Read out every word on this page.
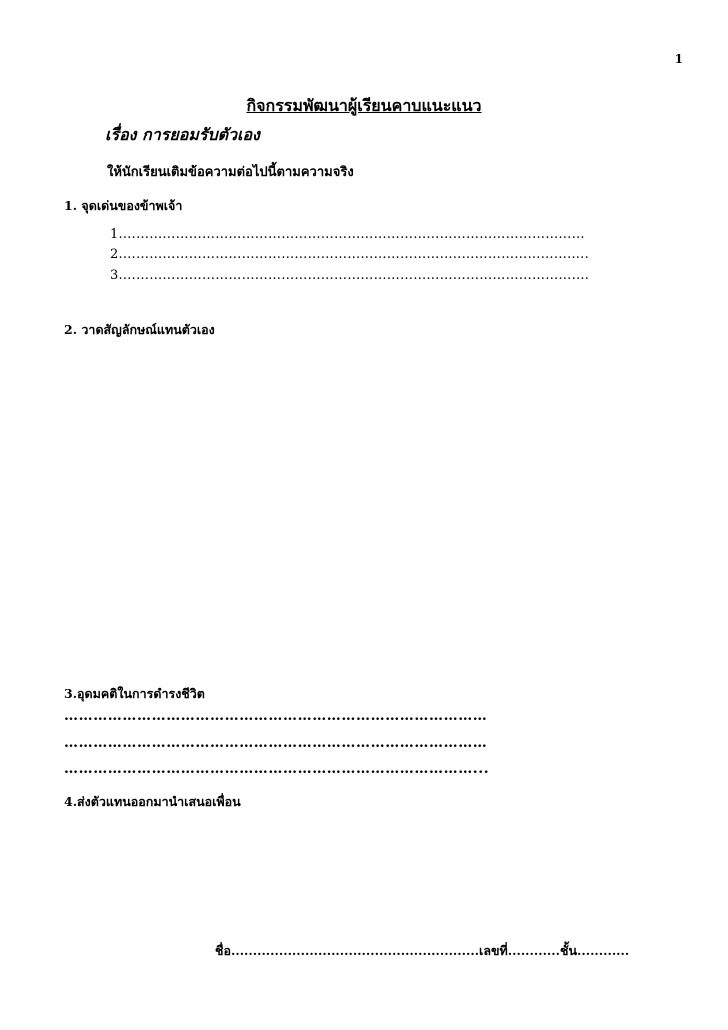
1
กิจกรรมพัฒนาผู้เรียนคาบแนะแนว
เรื่อง การยอมรับตัวเอง
ให้นักเรียนเติมข้อความต่อไปนี้ตามความจริง
1. จุดเด่นของข้าพเจ้า
1.……………………………………………………………………………………………
2.…………………………………………………………………..…………………….….
3.…………………………………………………………………………………………….
2. วาดสัญลักษณ์แทนตัวเอง
3.อุดมคติในการดำรงชีวิต
……………………………………………………………………………
……………………………………………………………………………
…………………………………………………………………………...
4.ส่งตัวแทนออกมานำเสนอเพื่อน
ชื่อ.........................................................เลขที่............ชั้น............
